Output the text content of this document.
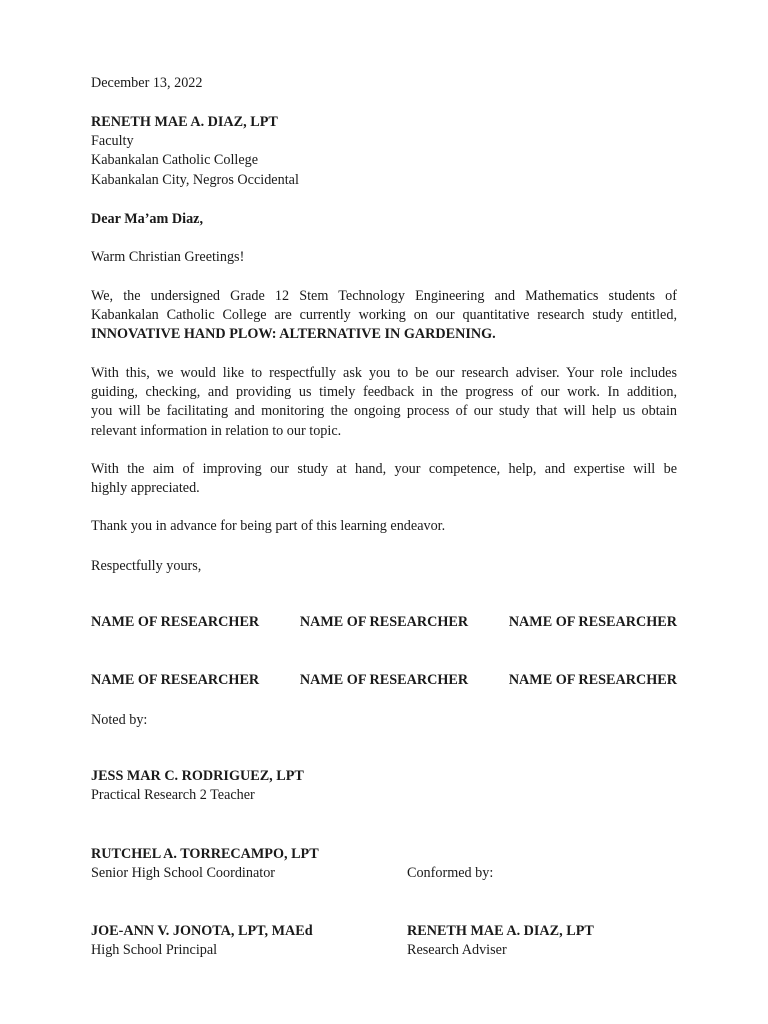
December 13, 2022

RENETH MAE A. DIAZ, LPT
Faculty
Kabankalan Catholic College
Kabankalan City, Negros Occidental

Dear Ma’am Diaz,

Warm Christian Greetings!

We, the undersigned Grade 12 Stem Technology Engineering and Mathematics students of
Kabankalan Catholic College are currently working on our quantitative research study entitled,
INNOVATIVE HAND PLOW: ALTERNATIVE IN GARDENING.
With this, we would like to respectfully ask you to be our research adviser. Your role includes
guiding, checking, and providing us timely feedback in the progress of our work. In addition,
you will be facilitating and monitoring the ongoing process of our study that will help us obtain
relevant information in relation to our topic.
With the aim of improving our study at hand, your competence, help, and expertise will be
highly appreciated.

Thank you in advance for being part of this learning endeavor.

Respectfully yours,

NAME OF RESEARCHER	NAME OF RESEARCHER	NAME OF RESEARCHER
NAME OF RESEARCHER	NAME OF RESEARCHER	NAME OF RESEARCHER

Noted by:

JESS MAR C. RODRIGUEZ, LPT
Practical Research 2 Teacher
RUTCHEL A. TORRECAMPO, LPT
Senior High School Coordinator	Conformed by:
JOE-ANN V. JONOTA, LPT, MAEd
High School Principal
RENETH MAE A. DIAZ, LPT
Research Adviser
